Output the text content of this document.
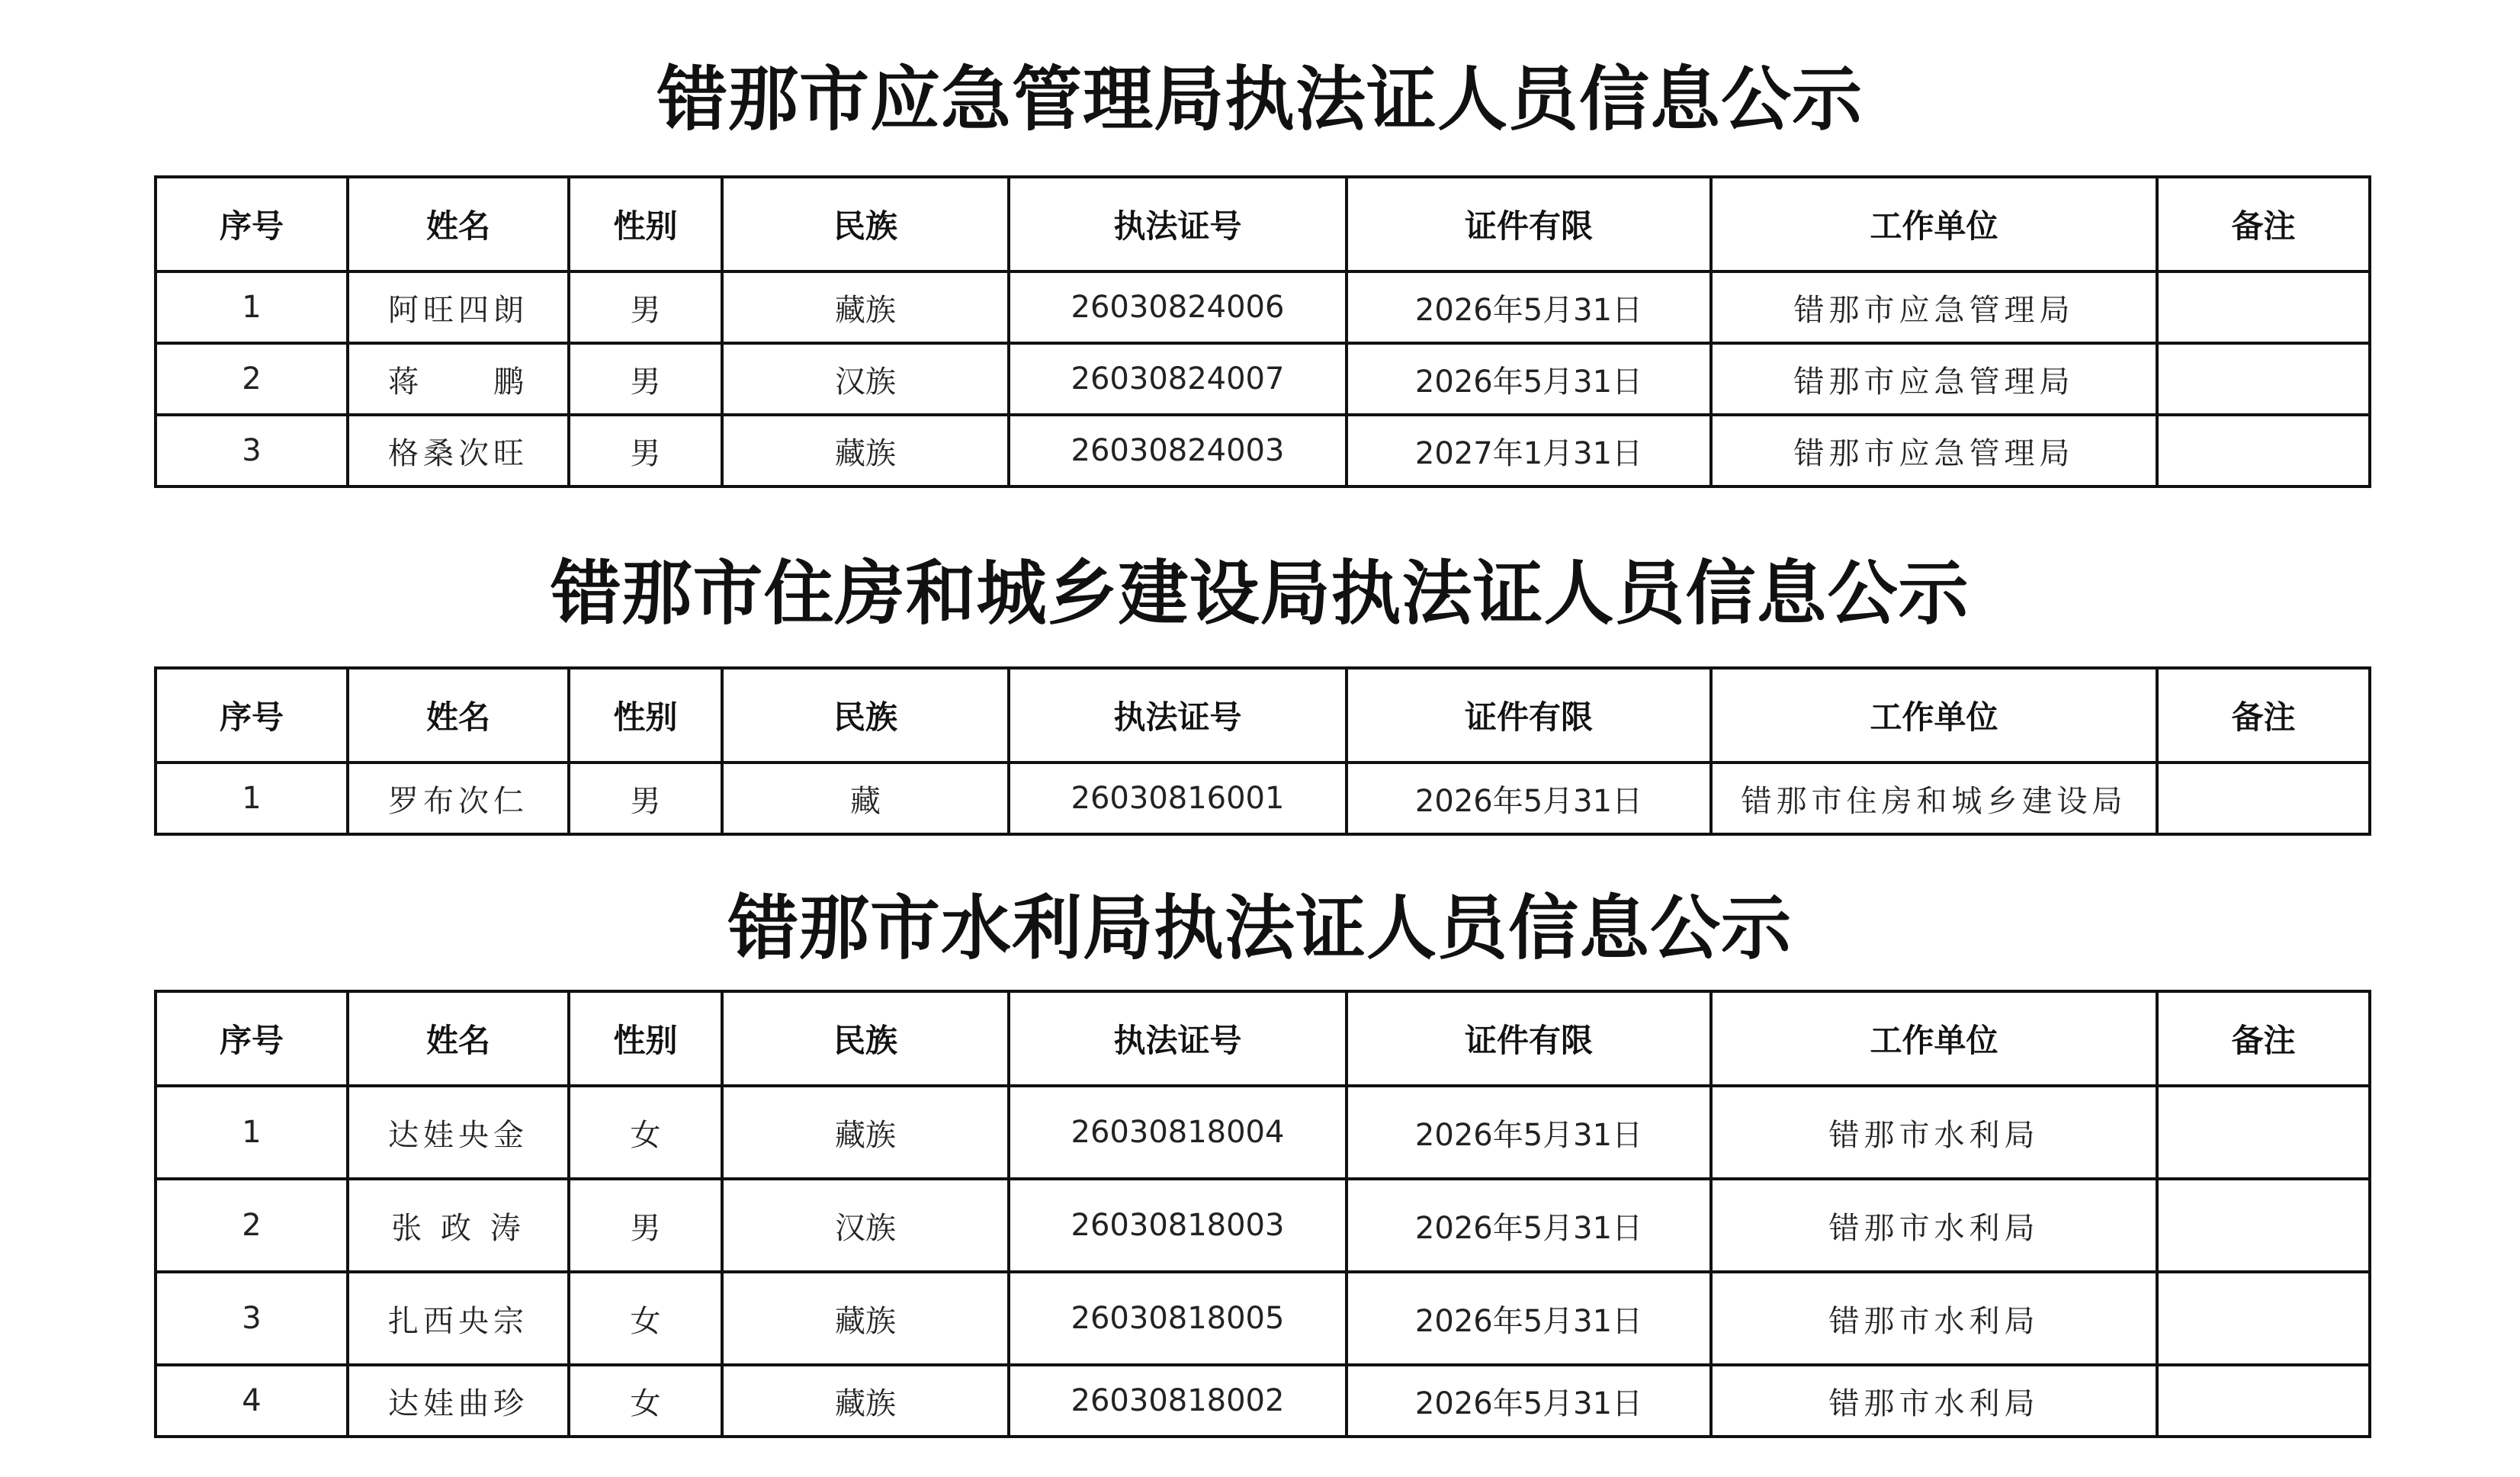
错那市应急管理局执法证人员信息公示
序号	姓名	性别	民族	执法证号	证件有限	工作单位	备注
1	阿旺四朗	男	藏族	26030824006	2026年5月31日	错那市应急管理局	
2	蒋　　鹏	男	汉族	26030824007	2026年5月31日	错那市应急管理局	
3	格桑次旺	男	藏族	26030824003	2027年1月31日	错那市应急管理局	
错那市住房和城乡建设局执法证人员信息公示
序号	姓名	性别	民族	执法证号	证件有限	工作单位	备注
1	罗布次仁	男	藏	26030816001	2026年5月31日	错那市住房和城乡建设局	
错那市水利局执法证人员信息公示
序号	姓名	性别	民族	执法证号	证件有限	工作单位	备注
1	达娃央金	女	藏族	26030818004	2026年5月31日	错那市水利局	
2	张 政 涛	男	汉族	26030818003	2026年5月31日	错那市水利局	
3	扎西央宗	女	藏族	26030818005	2026年5月31日	错那市水利局	
4	达娃曲珍	女	藏族	26030818002	2026年5月31日	错那市水利局	
